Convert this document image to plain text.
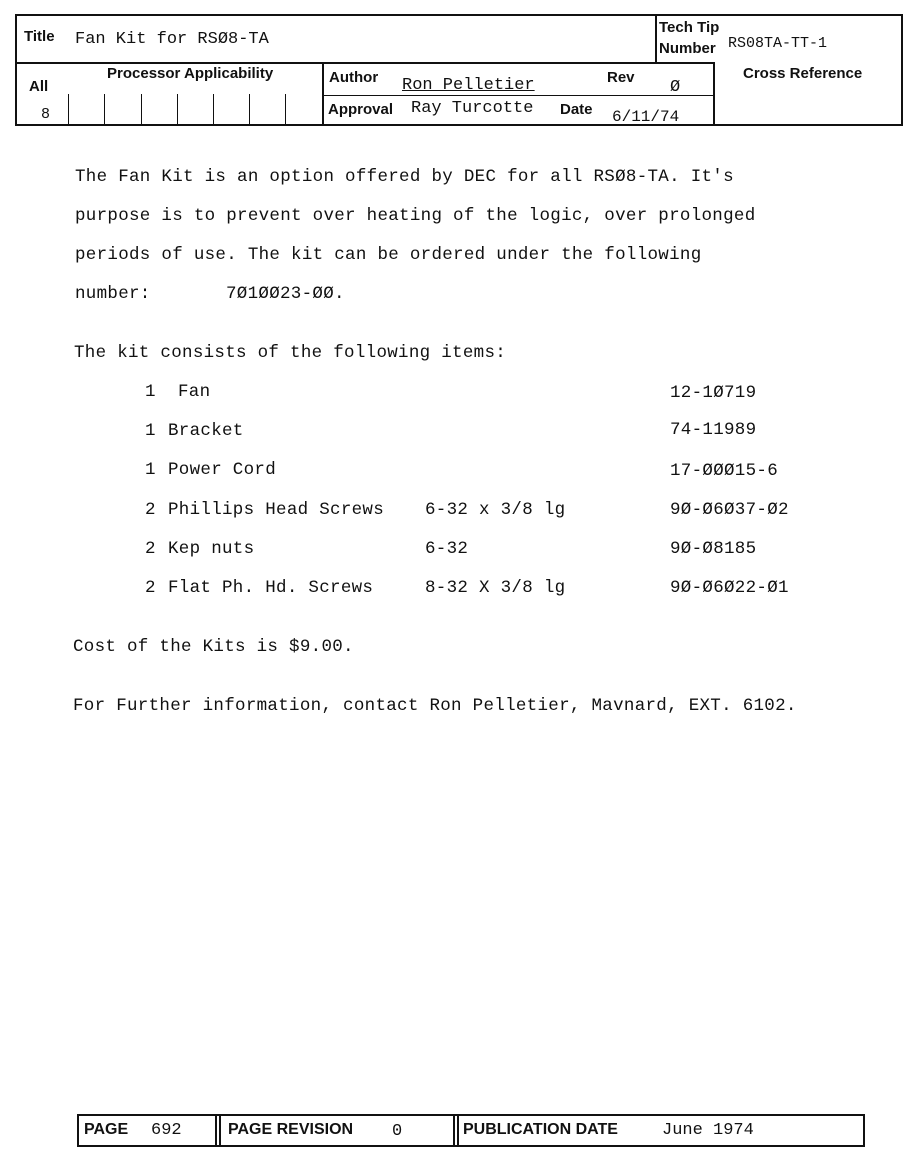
Title Fan Kit for RSØ8-TA
Tech Tip
Number RS08TA-TT-1
All
8
Processor Applicability	Author Ron Pelletier	Rev
Ø
Approval Ray Turcotte Date 6/11/74
Cross Reference
The Fan Kit is an option offered by DEC for all RSØ8-TA. It's
purpose is to prevent over heating of the logic, over prolonged
periods of use. The kit can be ordered under the following
number:	7Ø1ØØ23-ØØ.
The kit consists of the following items:
1 Fan	12-1Ø719
1 Bracket	74-11989
1 Power Cord	17-ØØØ15-6
2 Phillips Head Screws 6-32 x 3/8 lg	9Ø-Ø6Ø37-Ø2
2 Kep nuts	6-32	9Ø-Ø8185
2 Flat Ph. Hd. Screws	8-32 X 3/8 lg	9Ø-Ø6Ø22-Ø1
Cost of the Kits is $9.00.
For Further information, contact Ron Pelletier, Mavnard, EXT. 6102.
PAGE 692	PAGE REVISION 0	PUBLICATION DATE	June 1974
